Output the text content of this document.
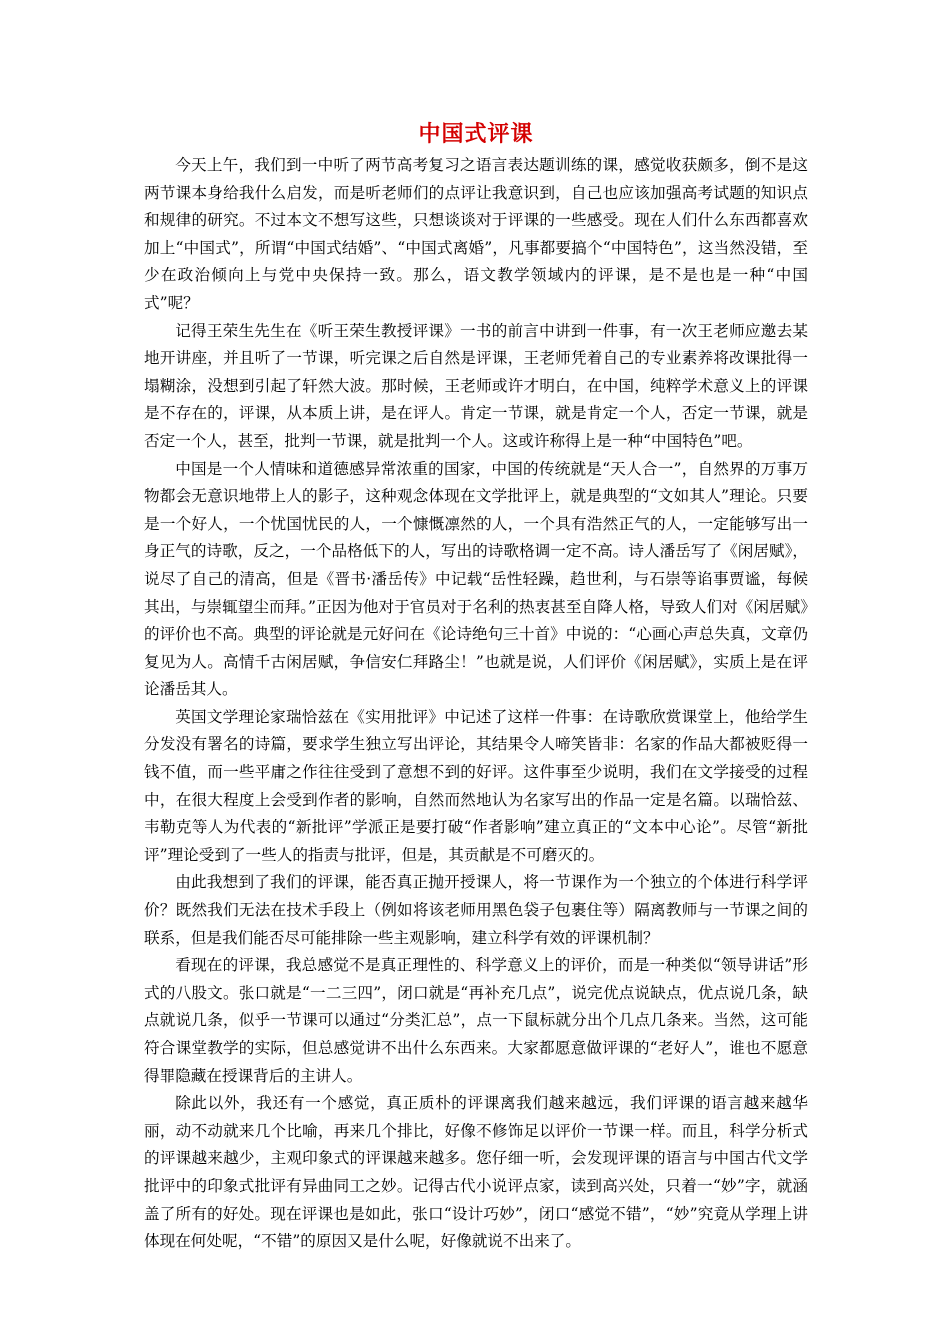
中国式评课

今天上午，我们到一中听了两节高考复习之语言表达题训练的课，感觉收获颇多，倒不是这两节课本身给我什么启发，而是听老师们的点评让我意识到，自己也应该加强高考试题的知识点和规律的研究。不过本文不想写这些，只想谈谈对于评课的一些感受。现在人们什么东西都喜欢加上“中国式”，所谓“中国式结婚”、“中国式离婚”，凡事都要搞个“中国特色”，这当然没错，至少在政治倾向上与党中央保持一致。那么，语文教学领域内的评课，是不是也是一种“中国式”呢？

记得王荣生先生在《听王荣生教授评课》一书的前言中讲到一件事，有一次王老师应邀去某地开讲座，并且听了一节课，听完课之后自然是评课，王老师凭着自己的专业素养将改课批得一塌糊涂，没想到引起了轩然大波。那时候，王老师或许才明白，在中国，纯粹学术意义上的评课是不存在的，评课，从本质上讲，是在评人。肯定一节课，就是肯定一个人，否定一节课，就是否定一个人，甚至，批判一节课，就是批判一个人。这或许称得上是一种“中国特色”吧。

中国是一个人情味和道德感异常浓重的国家，中国的传统就是“天人合一”，自然界的万事万物都会无意识地带上人的影子，这种观念体现在文学批评上，就是典型的“文如其人”理论。只要是一个好人，一个忧国忧民的人，一个慷慨凛然的人，一个具有浩然正气的人，一定能够写出一身正气的诗歌，反之，一个品格低下的人，写出的诗歌格调一定不高。诗人潘岳写了《闲居赋》，说尽了自己的清高，但是《晋书·潘岳传》中记载“岳性轻躁，趋世利，与石崇等谄事贾谧，每候其出，与崇辄望尘而拜。”正因为他对于官员对于名利的热衷甚至自降人格，导致人们对《闲居赋》的评价也不高。典型的评论就是元好问在《论诗绝句三十首》中说的：“心画心声总失真，文章仍复见为人。高情千古闲居赋，争信安仁拜路尘！”也就是说，人们评价《闲居赋》，实质上是在评论潘岳其人。

英国文学理论家瑞恰兹在《实用批评》中记述了这样一件事：在诗歌欣赏课堂上，他给学生分发没有署名的诗篇，要求学生独立写出评论，其结果令人啼笑皆非：名家的作品大都被贬得一钱不值，而一些平庸之作往往受到了意想不到的好评。这件事至少说明，我们在文学接受的过程中，在很大程度上会受到作者的影响，自然而然地认为名家写出的作品一定是名篇。以瑞恰兹、韦勒克等人为代表的“新批评”学派正是要打破“作者影响”建立真正的“文本中心论”。尽管“新批评”理论受到了一些人的指责与批评，但是，其贡献是不可磨灭的。

由此我想到了我们的评课，能否真正抛开授课人，将一节课作为一个独立的个体进行科学评价？既然我们无法在技术手段上（例如将该老师用黑色袋子包裹住等）隔离教师与一节课之间的联系，但是我们能否尽可能排除一些主观影响，建立科学有效的评课机制？

看现在的评课，我总感觉不是真正理性的、科学意义上的评价，而是一种类似“领导讲话”形式的八股文。张口就是“一二三四”，闭口就是“再补充几点”，说完优点说缺点，优点说几条，缺点就说几条，似乎一节课可以通过“分类汇总”，点一下鼠标就分出个几点几条来。当然，这可能符合课堂教学的实际，但总感觉讲不出什么东西来。大家都愿意做评课的“老好人”，谁也不愿意得罪隐藏在授课背后的主讲人。

除此以外，我还有一个感觉，真正质朴的评课离我们越来越远，我们评课的语言越来越华丽，动不动就来几个比喻，再来几个排比，好像不修饰足以评价一节课一样。而且，科学分析式的评课越来越少，主观印象式的评课越来越多。您仔细一听，会发现评课的语言与中国古代文学批评中的印象式批评有异曲同工之妙。记得古代小说评点家，读到高兴处，只着一“妙”字，就涵盖了所有的好处。现在评课也是如此，张口“设计巧妙”，闭口“感觉不错”，“妙”究竟从学理上讲体现在何处呢，“不错”的原因又是什么呢，好像就说不出来了。
